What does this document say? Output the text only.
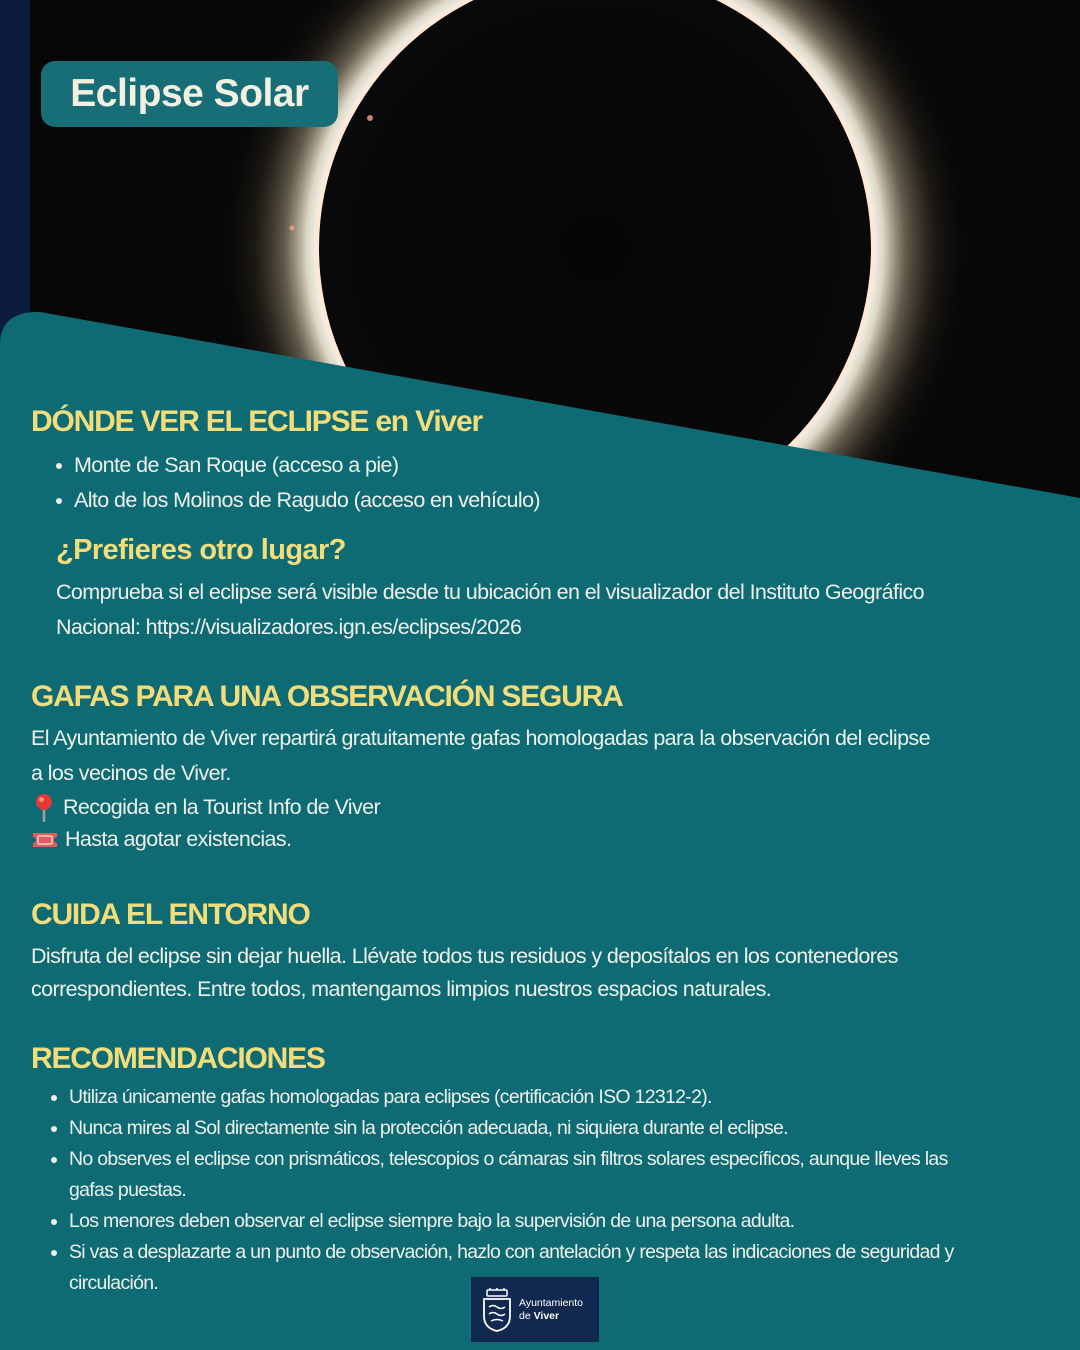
Eclipse Solar
DÓNDE VER EL ECLIPSE en Viver
Monte de San Roque (acceso a pie)
Alto de los Molinos de Ragudo (acceso en vehículo)
¿Prefieres otro lugar?
Comprueba si el eclipse será visible desde tu ubicación en el visualizador del Instituto Geográfico
Nacional: https://visualizadores.ign.es/eclipses/2026
GAFAS PARA UNA OBSERVACIÓN SEGURA
El Ayuntamiento de Viver repartirá gratuitamente gafas homologadas para la observación del eclipse
a los vecinos de Viver.
Recogida en la Tourist Info de Viver
Hasta agotar existencias.
CUIDA EL ENTORNO
Disfruta del eclipse sin dejar huella. Llévate todos tus residuos y deposítalos en los contenedores
correspondientes. Entre todos, mantengamos limpios nuestros espacios naturales.
RECOMENDACIONES
Utiliza únicamente gafas homologadas para eclipses (certificación ISO 12312-2).
Nunca mires al Sol directamente sin la protección adecuada, ni siquiera durante el eclipse.
No observes el eclipse con prismáticos, telescopios o cámaras sin filtros solares específicos, aunque lleves las gafas puestas.
Los menores deben observar el eclipse siempre bajo la supervisión de una persona adulta.
Si vas a desplazarte a un punto de observación, hazlo con antelación y respeta las indicaciones de seguridad y circulación.
Ayuntamiento
de Viver
